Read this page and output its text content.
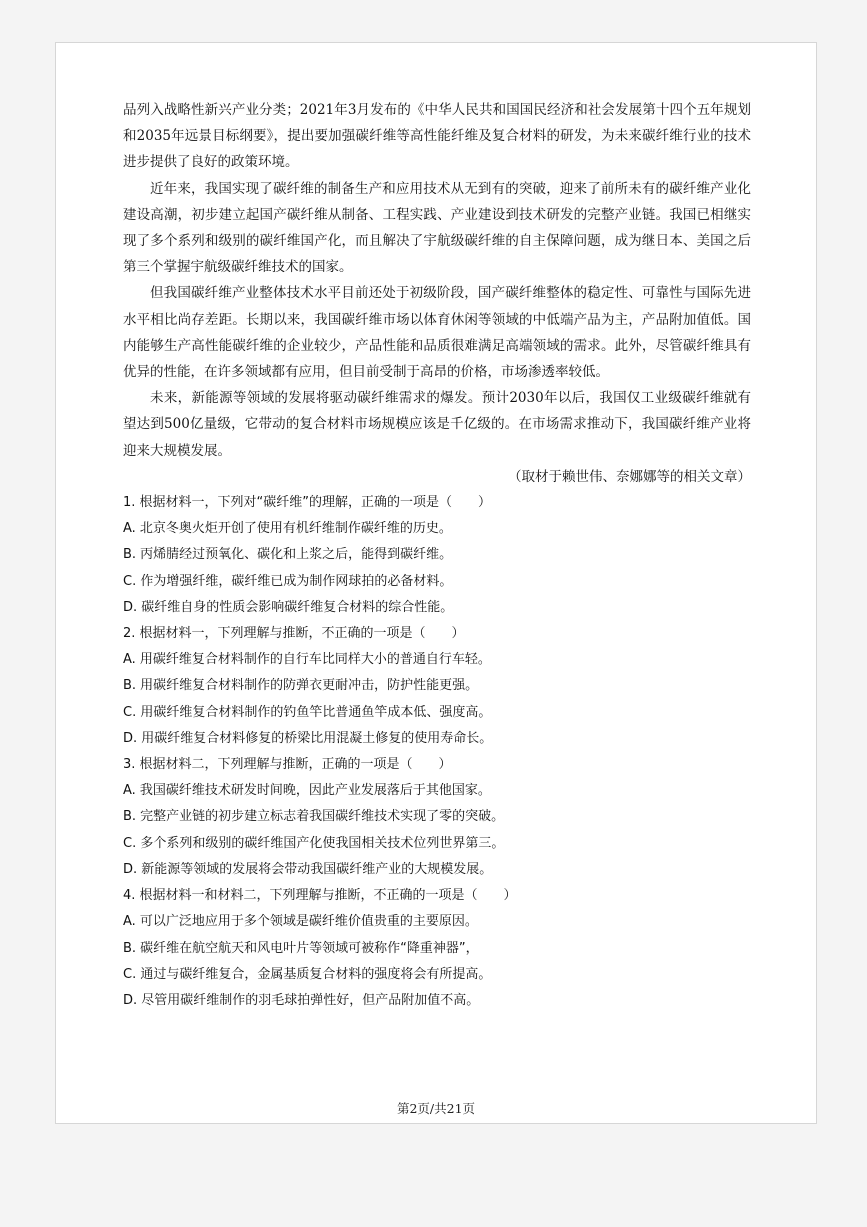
品列入战略性新兴产业分类；2021年3月发布的《中华人民共和国国民经济和社会发展第十四个五年规划和2035年远景目标纲要》，提出要加强碳纤维等高性能纤维及复合材料的研发，为未来碳纤维行业的技术进步提供了良好的政策环境。

近年来，我国实现了碳纤维的制备生产和应用技术从无到有的突破，迎来了前所未有的碳纤维产业化建设高潮，初步建立起国产碳纤维从制备、工程实践、产业建设到技术研发的完整产业链。我国已相继实现了多个系列和级别的碳纤维国产化，而且解决了宇航级碳纤维的自主保障问题，成为继日本、美国之后第三个掌握宇航级碳纤维技术的国家。

但我国碳纤维产业整体技术水平目前还处于初级阶段，国产碳纤维整体的稳定性、可靠性与国际先进水平相比尚存差距。长期以来，我国碳纤维市场以体育休闲等领域的中低端产品为主，产品附加值低。国内能够生产高性能碳纤维的企业较少，产品性能和品质很难满足高端领域的需求。此外，尽管碳纤维具有优异的性能，在许多领域都有应用，但目前受制于高昂的价格，市场渗透率较低。

未来，新能源等领域的发展将驱动碳纤维需求的爆发。预计2030年以后，我国仅工业级碳纤维就有望达到500亿量级，它带动的复合材料市场规模应该是千亿级的。在市场需求推动下，我国碳纤维产业将迎来大规模发展。

（取材于赖世伟、奈娜娜等的相关文章）

1. 根据材料一，下列对“碳纤维”的理解，正确的一项是（　　）

A. 北京冬奥火炬开创了使用有机纤维制作碳纤维的历史。

B. 丙烯腈经过预氧化、碳化和上浆之后，能得到碳纤维。

C. 作为增强纤维，碳纤维已成为制作网球拍的必备材料。

D. 碳纤维自身的性质会影响碳纤维复合材料的综合性能。

2. 根据材料一，下列理解与推断，不正确的一项是（　　）

A. 用碳纤维复合材料制作的自行车比同样大小的普通自行车轻。

B. 用碳纤维复合材料制作的防弹衣更耐冲击，防护性能更强。

C. 用碳纤维复合材料制作的钓鱼竿比普通鱼竿成本低、强度高。

D. 用碳纤维复合材料修复的桥梁比用混凝土修复的使用寿命长。

3. 根据材料二，下列理解与推断，正确的一项是（　　）

A. 我国碳纤维技术研发时间晚，因此产业发展落后于其他国家。

B. 完整产业链的初步建立标志着我国碳纤维技术实现了零的突破。

C. 多个系列和级别的碳纤维国产化使我国相关技术位列世界第三。

D. 新能源等领域的发展将会带动我国碳纤维产业的大规模发展。

4. 根据材料一和材料二，下列理解与推断，不正确的一项是（　　）

A. 可以广泛地应用于多个领域是碳纤维价值贵重的主要原因。

B. 碳纤维在航空航天和风电叶片等领域可被称作“降重神器”，

C. 通过与碳纤维复合，金属基质复合材料的强度将会有所提高。

D. 尽管用碳纤维制作的羽毛球拍弹性好，但产品附加值不高。

第2页/共21页
